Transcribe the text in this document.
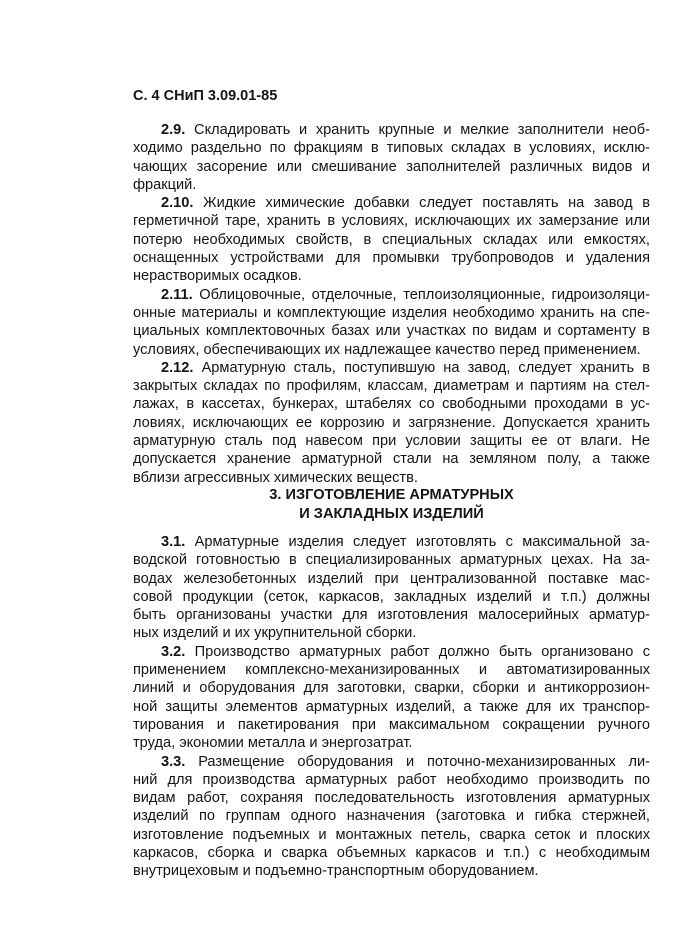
С. 4 СНиП 3.09.01-85
2.9. Складировать и хранить крупные и мелкие заполнители необ-
ходимо раздельно по фракциям в типовых складах в условиях, исклю-
чающих засорение или смешивание заполнителей различных видов и
фракций.
2.10. Жидкие химические добавки следует поставлять на завод в
герметичной таре, хранить в условиях, исключающих их замерзание или
потерю необходимых свойств, в специальных складах или емкостях,
оснащенных устройствами для промывки трубопроводов и удаления
нерастворимых осадков.
2.11. Облицовочные, отделочные, теплоизоляционные, гидроизоляци-
онные материалы и комплектующие изделия необходимо хранить на спе-
циальных комплектовочных базах или участках по видам и сортаменту в
условиях, обеспечивающих их надлежащее качество перед применением.
2.12. Арматурную сталь, поступившую на завод, следует хранить в
закрытых складах по профилям, классам, диаметрам и партиям на стел-
лажах, в кассетах, бункерах, штабелях со свободными проходами в ус-
ловиях, исключающих ее коррозию и загрязнение. Допускается хранить
арматурную сталь под навесом при условии защиты ее от влаги. Не
допускается хранение арматурной стали на земляном полу, а также
вблизи агрессивных химических веществ.
3. ИЗГОТОВЛЕНИЕ АРМАТУРНЫХ
И ЗАКЛАДНЫХ ИЗДЕЛИЙ
3.1. Арматурные изделия следует изготовлять с максимальной за-
водской готовностью в специализированных арматурных цехах. На за-
водах железобетонных изделий при централизованной поставке мас-
совой продукции (сеток, каркасов, закладных изделий и т.п.) должны
быть организованы участки для изготовления малосерийных арматур-
ных изделий и их укрупнительной сборки.
3.2. Производство арматурных работ должно быть организовано с
применением комплексно-механизированных и автоматизированных
линий и оборудования для заготовки, сварки, сборки и антикоррозион-
ной защиты элементов арматурных изделий, а также для их транспор-
тирования и пакетирования при максимальном сокращении ручного
труда, экономии металла и энергозатрат.
3.3. Размещение оборудования и поточно-механизированных ли-
ний для производства арматурных работ необходимо производить по
видам работ, сохраняя последовательность изготовления арматурных
изделий по группам одного назначения (заготовка и гибка стержней,
изготовление подъемных и монтажных петель, сварка сеток и плоских
каркасов, сборка и сварка объемных каркасов и т.п.) с необходимым
внутрицеховым и подъемно-транспортным оборудованием.
